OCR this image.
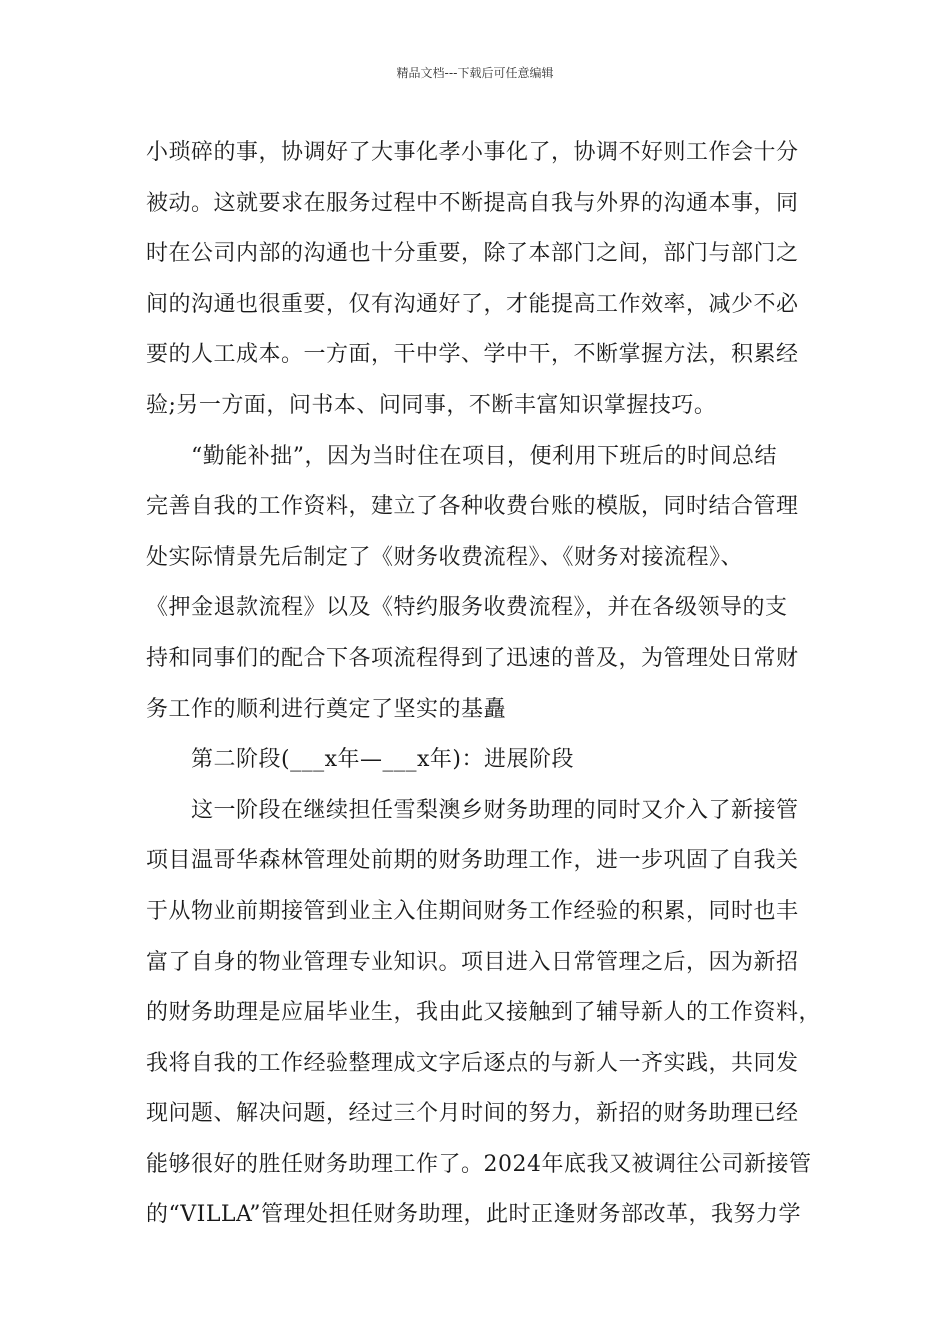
精品文档---下载后可任意编辑
小琐碎的事，协调好了大事化孝小事化了，协调不好则工作会十分
被动。这就要求在服务过程中不断提高自我与外界的沟通本事，同
时在公司内部的沟通也十分重要，除了本部门之间，部门与部门之
间的沟通也很重要，仅有沟通好了，才能提高工作效率，减少不必
要的人工成本。一方面，干中学、学中干，不断掌握方法，积累经
验;另一方面，问书本、问同事，不断丰富知识掌握技巧。
“勤能补拙”，因为当时住在项目，便利用下班后的时间总结
完善自我的工作资料，建立了各种收费台账的模版，同时结合管理
处实际情景先后制定了《财务收费流程》、《财务对接流程》、
《押金退款流程》以及《特约服务收费流程》，并在各级领导的支
持和同事们的配合下各项流程得到了迅速的普及，为管理处日常财
务工作的顺利进行奠定了坚实的基矗
第二阶段(___x年—___x年)：进展阶段
这一阶段在继续担任雪梨澳乡财务助理的同时又介入了新接管
项目温哥华森林管理处前期的财务助理工作，进一步巩固了自我关
于从物业前期接管到业主入住期间财务工作经验的积累，同时也丰
富了自身的物业管理专业知识。项目进入日常管理之后，因为新招
的财务助理是应届毕业生，我由此又接触到了辅导新人的工作资料，
我将自我的工作经验整理成文字后逐点的与新人一齐实践，共同发
现问题、解决问题，经过三个月时间的努力，新招的财务助理已经
能够很好的胜任财务助理工作了。2024年底我又被调往公司新接管
的“VILLA”管理处担任财务助理，此时正逢财务部改革，我努力学
